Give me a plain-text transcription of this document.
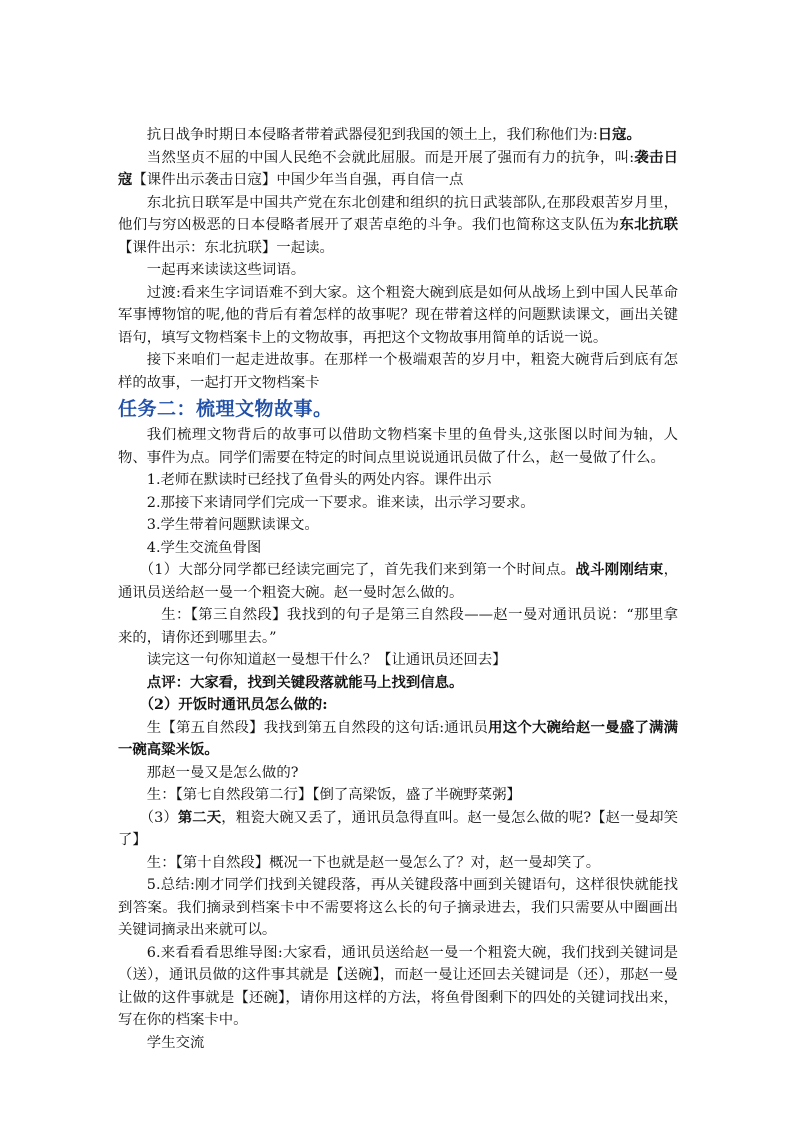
抗日战争时期日本侵略者带着武器侵犯到我国的领土上，我们称他们为:日寇。

当然坚贞不屈的中国人民绝不会就此屈服。而是开展了强而有力的抗争，叫:袭击日寇【课件出示袭击日寇】中国少年当自强，再自信一点

东北抗日联军是中国共产党在东北创建和组织的抗日武装部队,在那段艰苦岁月里，他们与穷凶极恶的日本侵略者展开了艰苦卓绝的斗争。我们也简称这支队伍为东北抗联【课件出示：东北抗联】一起读。

一起再来读读这些词语。

过渡:看来生字词语难不到大家。这个粗瓷大碗到底是如何从战场上到中国人民革命军事博物馆的呢,他的背后有着怎样的故事呢？现在带着这样的问题默读课文，画出关键语句，填写文物档案卡上的文物故事，再把这个文物故事用简单的话说一说。

接下来咱们一起走进故事。在那样一个极端艰苦的岁月中，粗瓷大碗背后到底有怎样的故事，一起打开文物档案卡

任务二：梳理文物故事。

我们梳理文物背后的故事可以借助文物档案卡里的鱼骨头,这张图以时间为轴，人物、事件为点。同学们需要在特定的时间点里说说通讯员做了什么，赵一曼做了什么。

1.老师在默读时已经找了鱼骨头的两处内容。课件出示

2.那接下来请同学们完成一下要求。谁来读，出示学习要求。

3.学生带着问题默读课文。

4.学生交流鱼骨图

（1）大部分同学都已经读完画完了，首先我们来到第一个时间点。战斗刚刚结束，通讯员送给赵一曼一个粗瓷大碗。赵一曼时怎么做的。

生：【第三自然段】我找到的句子是第三自然段——赵一曼对通讯员说：“那里拿来的，请你还到哪里去。”

读完这一句你知道赵一曼想干什么？【让通讯员还回去】

点评：大家看，找到关键段落就能马上找到信息。

（2）开饭时通讯员怎么做的:

生【第五自然段】我找到第五自然段的这句话:通讯员用这个大碗给赵一曼盛了满满一碗高粱米饭。

那赵一曼又是怎么做的?

生：【第七自然段第二行】【倒了高梁饭，盛了半碗野菜粥】

（3）第二天，粗瓷大碗又丢了，通讯员急得直叫。赵一曼怎么做的呢?【赵一曼却笑了】

生：【第十自然段】概况一下也就是赵一曼怎么了？对，赵一曼却笑了。

5.总结:刚才同学们找到关键段落，再从关键段落中画到关键语句，这样很快就能找到答案。我们摘录到档案卡中不需要将这么长的句子摘录进去，我们只需要从中圈画出关键词摘录出来就可以。

6.来看看看思维导图:大家看，通讯员送给赵一曼一个粗瓷大碗，我们找到关键词是（送），通讯员做的这件事其就是【送碗】，而赵一曼让还回去关键词是（还），那赵一曼让做的这件事就是【还碗】，请你用这样的方法，将鱼骨图剩下的四处的关键词找出来，写在你的档案卡中。

学生交流
